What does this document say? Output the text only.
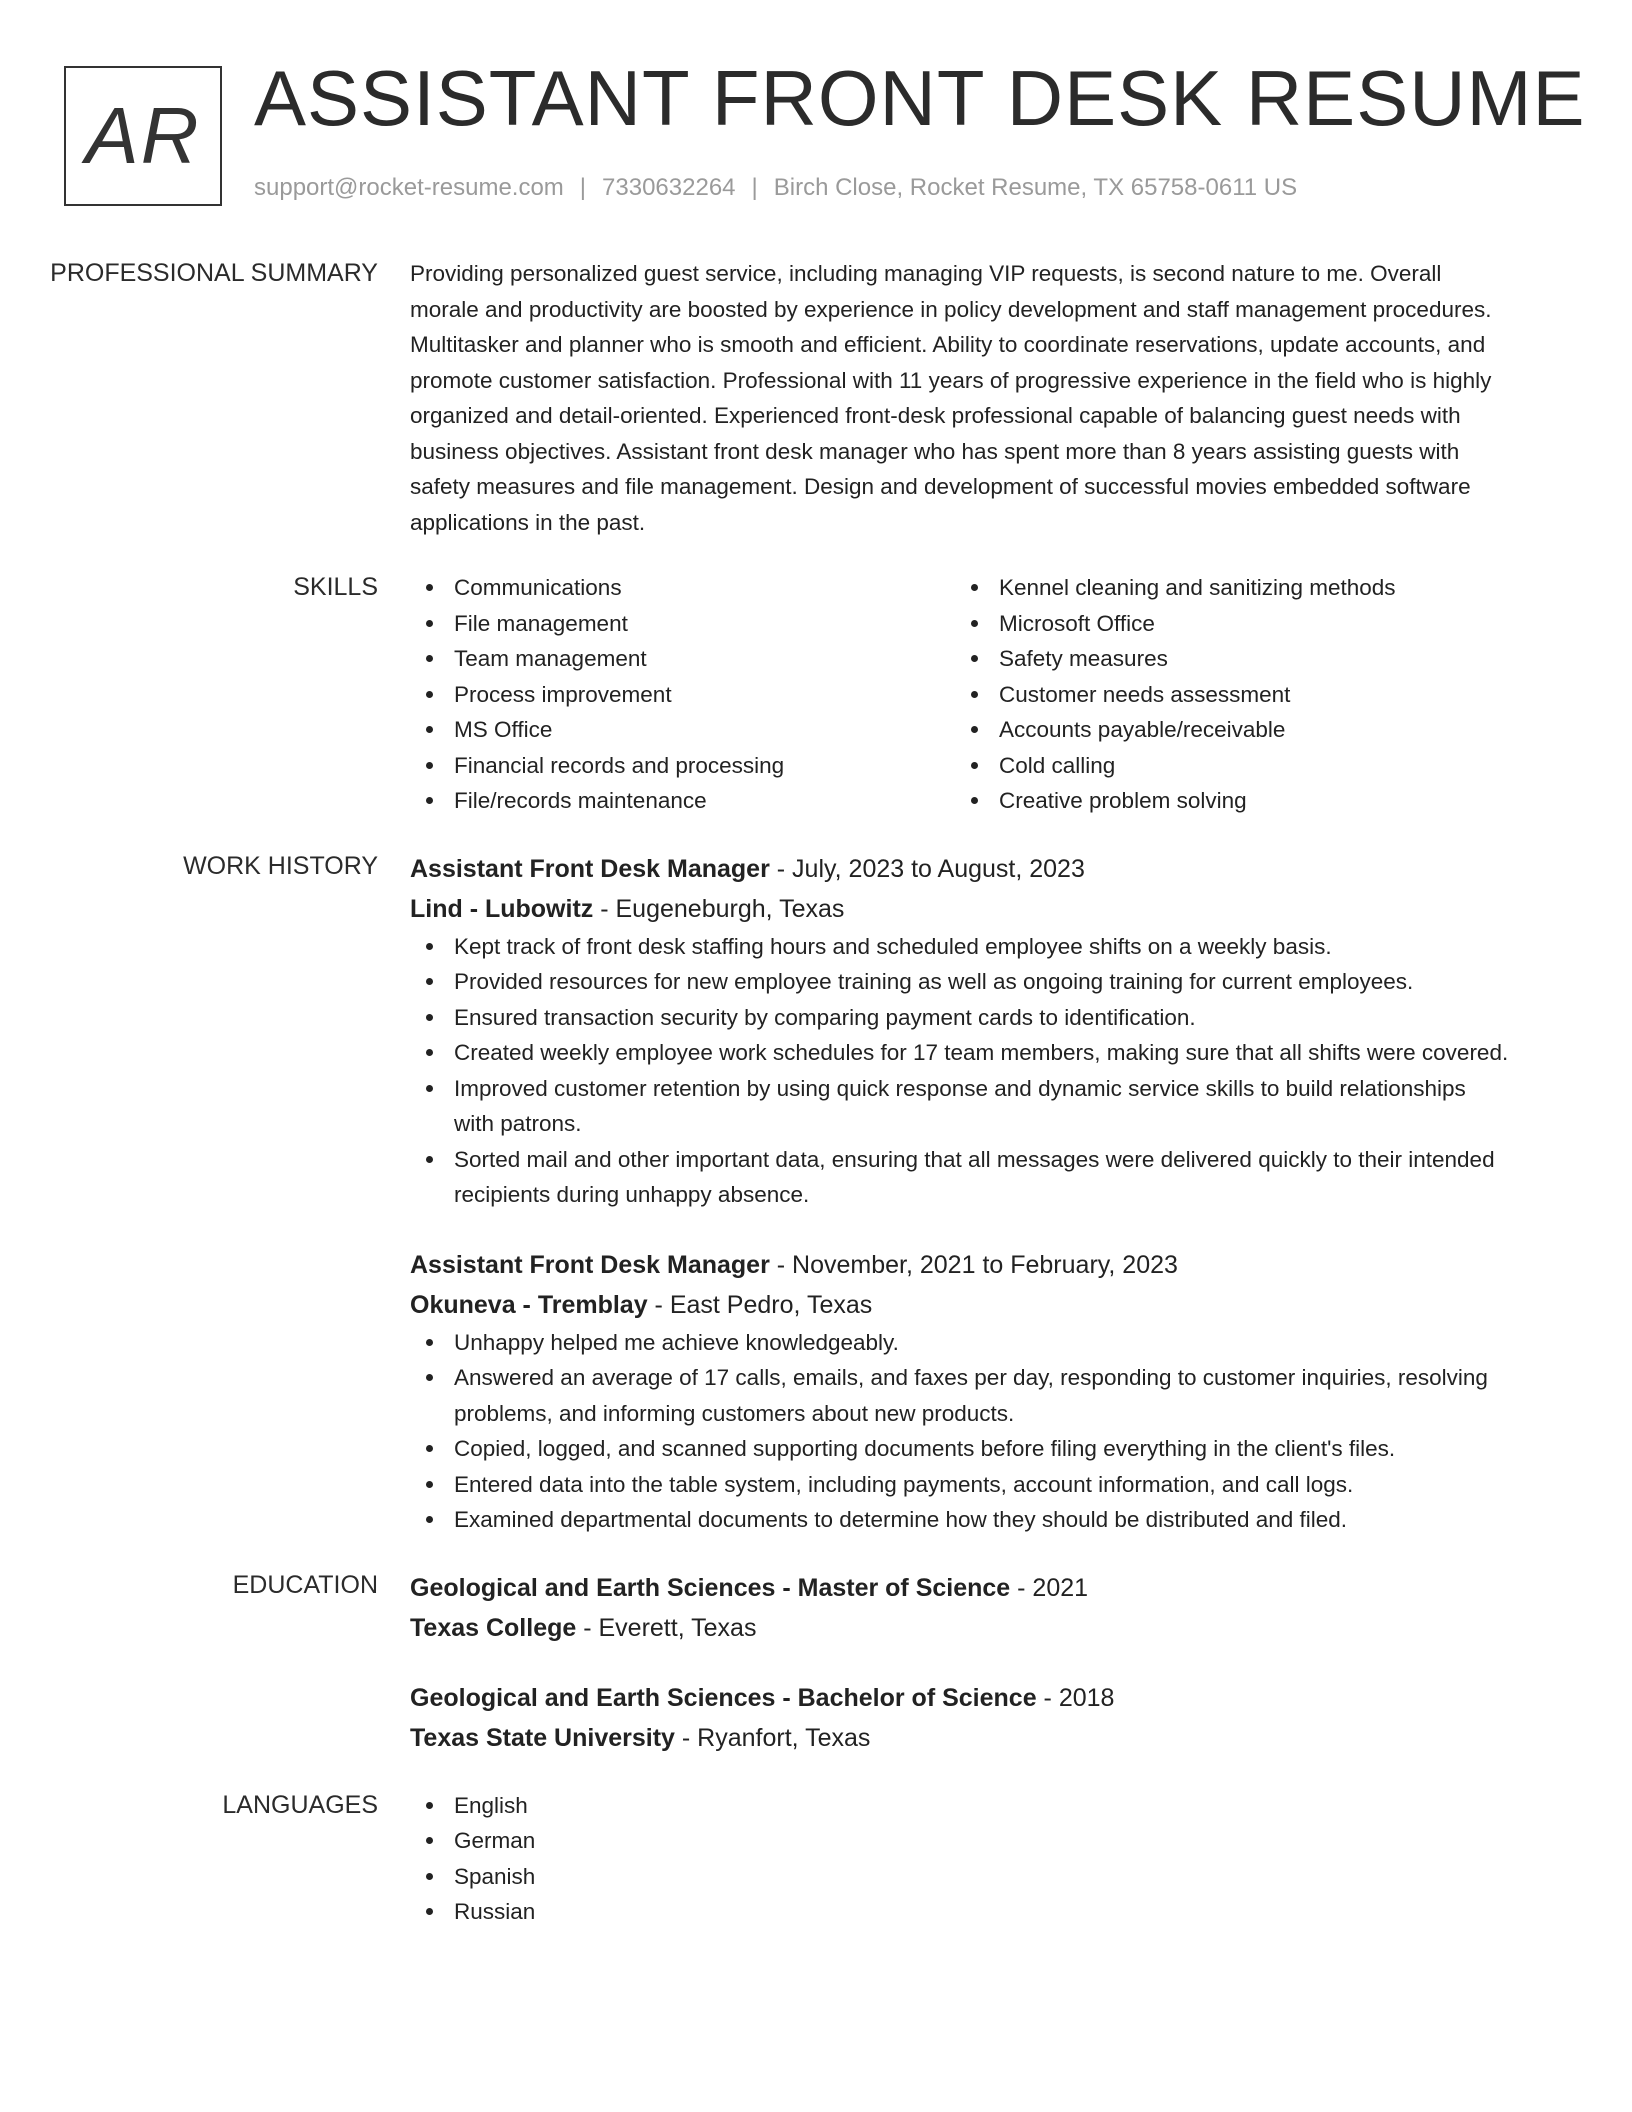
AR ASSISTANT FRONT DESK RESUME
support@rocket-resume.com | 7330632264 | Birch Close, Rocket Resume, TX 65758-0611 US
PROFESSIONAL SUMMARY	Providing personalized guest service, including managing VIP requests, is second nature to me. Overall morale and productivity are boosted by experience in policy development and staff management procedures. Multitasker and planner who is smooth and efficient. Ability to coordinate reservations, update accounts, and promote customer satisfaction. Professional with 11 years of progressive experience in the field who is highly organized and detail-oriented. Experienced front-desk professional capable of balancing guest needs with business objectives. Assistant front desk manager who has spent more than 8 years assisting guests with safety measures and file management. Design and development of successful movies embedded software applications in the past.

SKILLS	Communications
File management
Team management
Process improvement
MS Office
Financial records and processing
File/records maintenance
Kennel cleaning and sanitizing methods
Microsoft Office
Safety measures
Customer needs assessment
Accounts payable/receivable
Cold calling
Creative problem solving
WORK HISTORY	Assistant Front Desk Manager - July, 2023 to August, 2023
Lind - Lubowitz - Eugeneburgh, Texas
Kept track of front desk staffing hours and scheduled employee shifts on a weekly basis.
Provided resources for new employee training as well as ongoing training for current employees.
Ensured transaction security by comparing payment cards to identification.
Created weekly employee work schedules for 17 team members, making sure that all shifts were covered.
Improved customer retention by using quick response and dynamic service skills to build relationships with patrons.
Sorted mail and other important data, ensuring that all messages were delivered quickly to their intended recipients during unhappy absence.
Assistant Front Desk Manager - November, 2021 to February, 2023
Okuneva - Tremblay - East Pedro, Texas
Unhappy helped me achieve knowledgeably.
Answered an average of 17 calls, emails, and faxes per day, responding to customer inquiries, resolving problems, and informing customers about new products.
Copied, logged, and scanned supporting documents before filing everything in the client's files.
Entered data into the table system, including payments, account information, and call logs.
Examined departmental documents to determine how they should be distributed and filed.
EDUCATION	Geological and Earth Sciences - Master of Science - 2021
Texas College - Everett, Texas
Geological and Earth Sciences - Bachelor of Science - 2018
Texas State University - Ryanfort, Texas
LANGUAGES	English
German
Spanish
Russian
